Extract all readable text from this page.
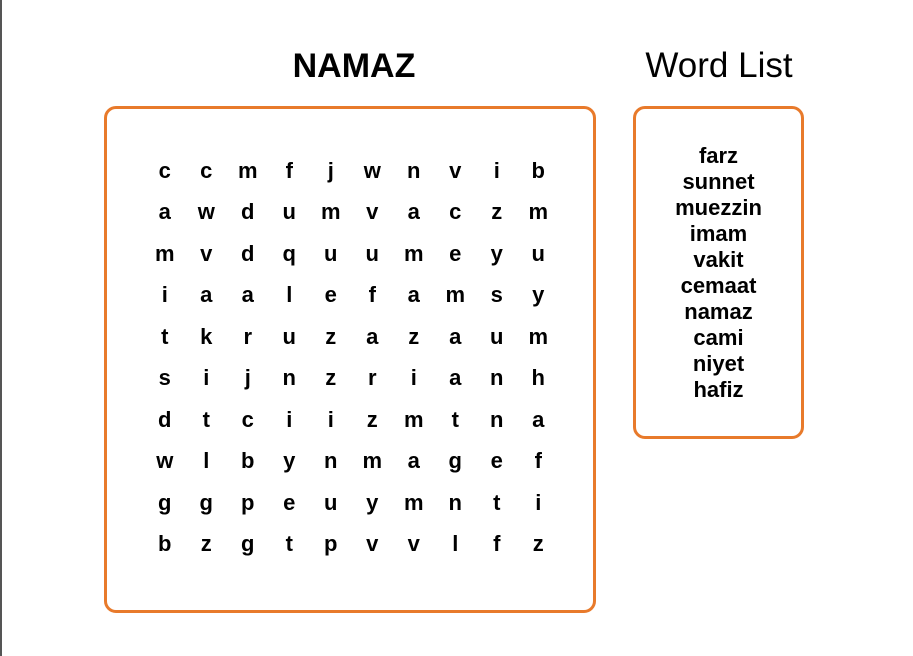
NAMAZ	Word List
c	c	m	f	j	w	n	v	i	b
a	w	d	u	m	v	a	c	z	m
m	v	d	q	u	u	m	e	y	u
i	a	a	l	e	f	a	m	s	y
t	k	r	u	z	a	z	a	u	m
s	i	j	n	z	r	i	a	n	h
d	t	c	i	i	z	m	t	n	a
w	l	b	y	n	m	a	g	e	f
g	g	p	e	u	y	m	n	t	i
b	z	g	t	p	v	v	l	f	z
farz
sunnet
muezzin
imam
vakit
cemaat
namaz
cami
niyet
hafiz
